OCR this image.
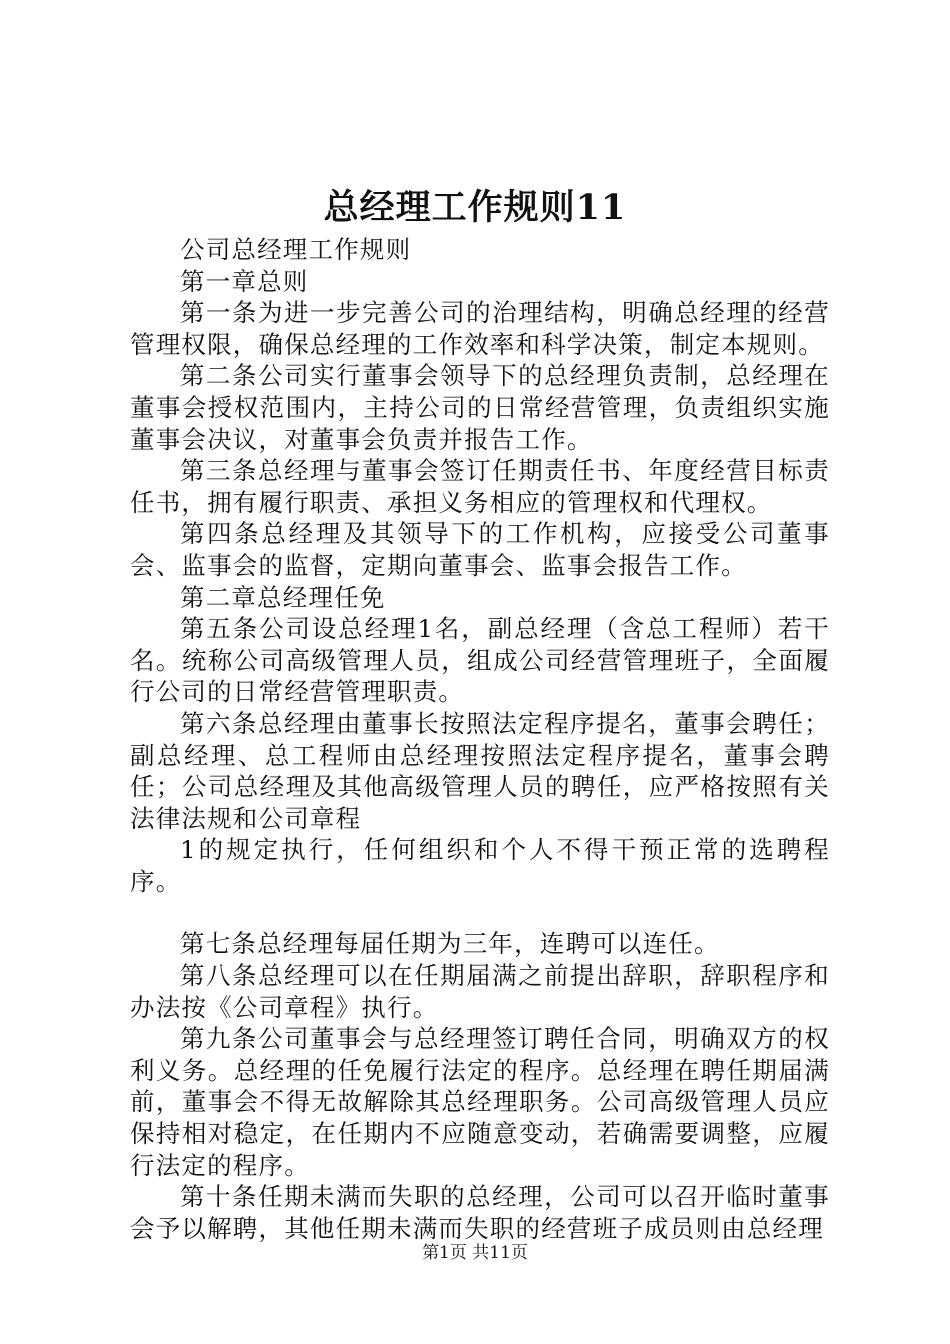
总经理工作规则11

公司总经理工作规则

第一章总则

第一条为进一步完善公司的治理结构，明确总经理的经营管理权限，确保总经理的工作效率和科学决策，制定本规则。

第二条公司实行董事会领导下的总经理负责制，总经理在董事会授权范围内，主持公司的日常经营管理，负责组织实施董事会决议，对董事会负责并报告工作。

第三条总经理与董事会签订任期责任书、年度经营目标责任书，拥有履行职责、承担义务相应的管理权和代理权。

第四条总经理及其领导下的工作机构，应接受公司董事会、监事会的监督，定期向董事会、监事会报告工作。

第二章总经理任免

第五条公司设总经理1名，副总经理（含总工程师）若干名。统称公司高级管理人员，组成公司经营管理班子，全面履行公司的日常经营管理职责。

第六条总经理由董事长按照法定程序提名，董事会聘任；副总经理、总工程师由总经理按照法定程序提名，董事会聘任；公司总经理及其他高级管理人员的聘任，应严格按照有关法律法规和公司章程

1的规定执行，任何组织和个人不得干预正常的选聘程序。

第七条总经理每届任期为三年，连聘可以连任。

第八条总经理可以在任期届满之前提出辞职，辞职程序和办法按《公司章程》执行。

第九条公司董事会与总经理签订聘任合同，明确双方的权利义务。总经理的任免履行法定的程序。总经理在聘任期届满前，董事会不得无故解除其总经理职务。公司高级管理人员应保持相对稳定，在任期内不应随意变动，若确需要调整，应履行法定的程序。

第十条任期未满而失职的总经理，公司可以召开临时董事会予以解聘，其他任期未满而失职的经营班子成员则由总经理

第1页 共11页
